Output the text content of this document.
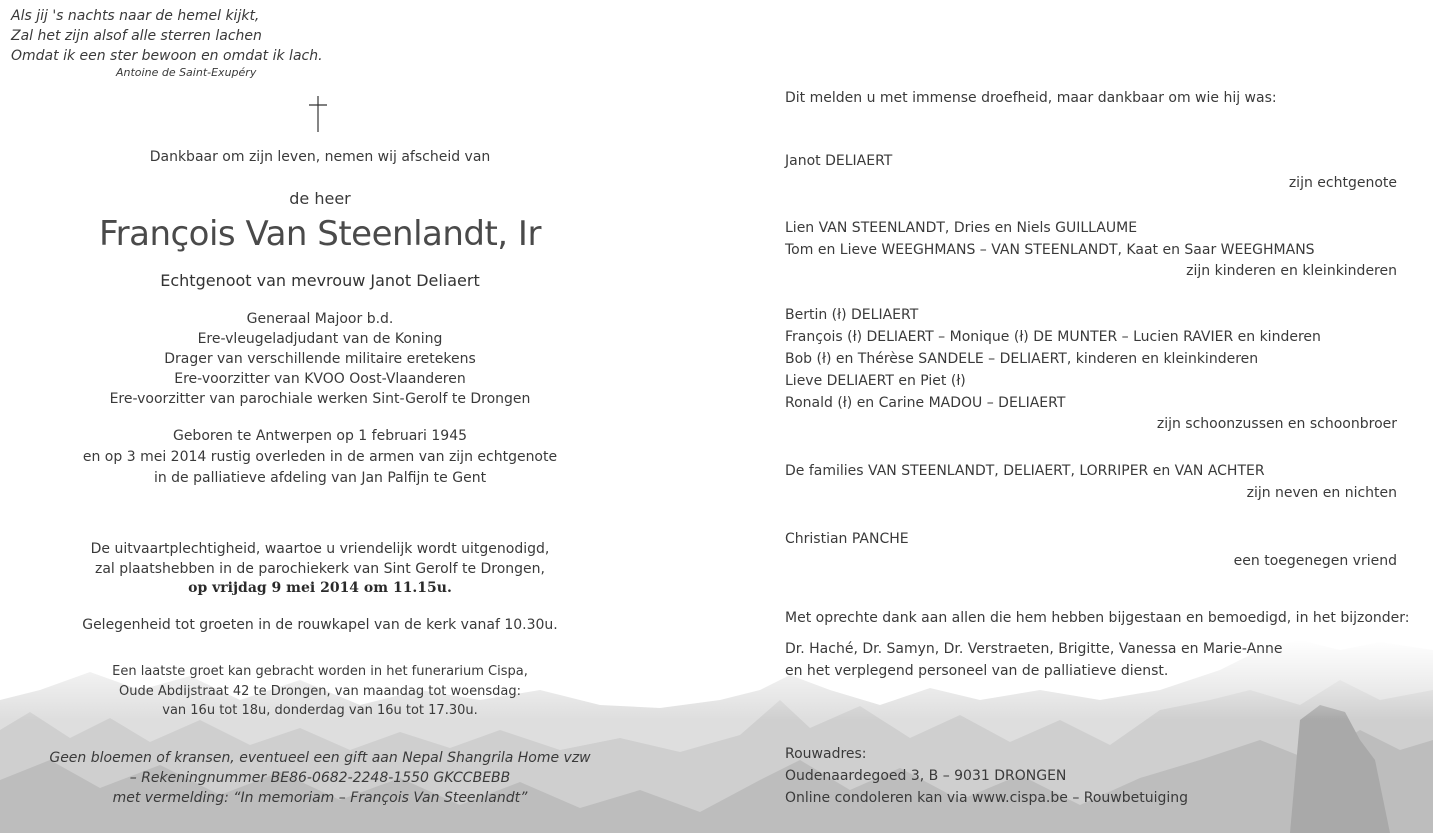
Als jij 's nachts naar de hemel kijkt,
Zal het zijn alsof alle sterren lachen
Omdat ik een ster bewoon en omdat ik lach.
Antoine de Saint-Exupéry
Dankbaar om zijn leven, nemen wij afscheid van
de heer
François Van Steenlandt, Ir
Echtgenoot van mevrouw Janot Deliaert
Generaal Majoor b.d.
Ere-vleugeladjudant van de Koning
Drager van verschillende militaire eretekens
Ere-voorzitter van KVOO Oost-Vlaanderen
Ere-voorzitter van parochiale werken Sint-Gerolf te Drongen
Geboren te Antwerpen op 1 februari 1945
en op 3 mei 2014 rustig overleden in de armen van zijn echtgenote
in de palliatieve afdeling van Jan Palfijn te Gent
De uitvaartplechtigheid, waartoe u vriendelijk wordt uitgenodigd,
zal plaatshebben in de parochiekerk van Sint Gerolf te Drongen,
op vrijdag 9 mei 2014 om 11.15u.
Gelegenheid tot groeten in de rouwkapel van de kerk vanaf 10.30u.
Een laatste groet kan gebracht worden in het funerarium Cispa,
Oude Abdijstraat 42 te Drongen, van maandag tot woensdag:
van 16u tot 18u, donderdag van 16u tot 17.30u.
Geen bloemen of kransen, eventueel een gift aan Nepal Shangrila Home vzw
– Rekeningnummer BE86-0682-2248-1550 GKCCBEBB
met vermelding: “In memoriam – François Van Steenlandt”
Dit melden u met immense droefheid, maar dankbaar om wie hij was:
Janot DELIAERT
zijn echtgenote
Lien VAN STEENLANDT, Dries en Niels GUILLAUME
Tom en Lieve WEEGHMANS – VAN STEENLANDT, Kaat en Saar WEEGHMANS
zijn kinderen en kleinkinderen
Bertin (ł) DELIAERT
François (ł) DELIAERT – Monique (ł) DE MUNTER – Lucien RAVIER en kinderen
Bob (ł) en Thérèse SANDELE – DELIAERT, kinderen en kleinkinderen
Lieve DELIAERT en Piet (ł)
Ronald (ł) en Carine MADOU – DELIAERT
zijn schoonzussen en schoonbroer
De families VAN STEENLANDT, DELIAERT, LORRIPER en VAN ACHTER
zijn neven en nichten
Christian PANCHE
een toegenegen vriend
Met oprechte dank aan allen die hem hebben bijgestaan en bemoedigd, in het bijzonder:
Dr. Haché, Dr. Samyn, Dr. Verstraeten, Brigitte, Vanessa en Marie-Anne
en het verplegend personeel van de palliatieve dienst.
Rouwadres:
Oudenaardegoed 3, B – 9031 DRONGEN
Online condoleren kan via www.cispa.be – Rouwbetuiging
